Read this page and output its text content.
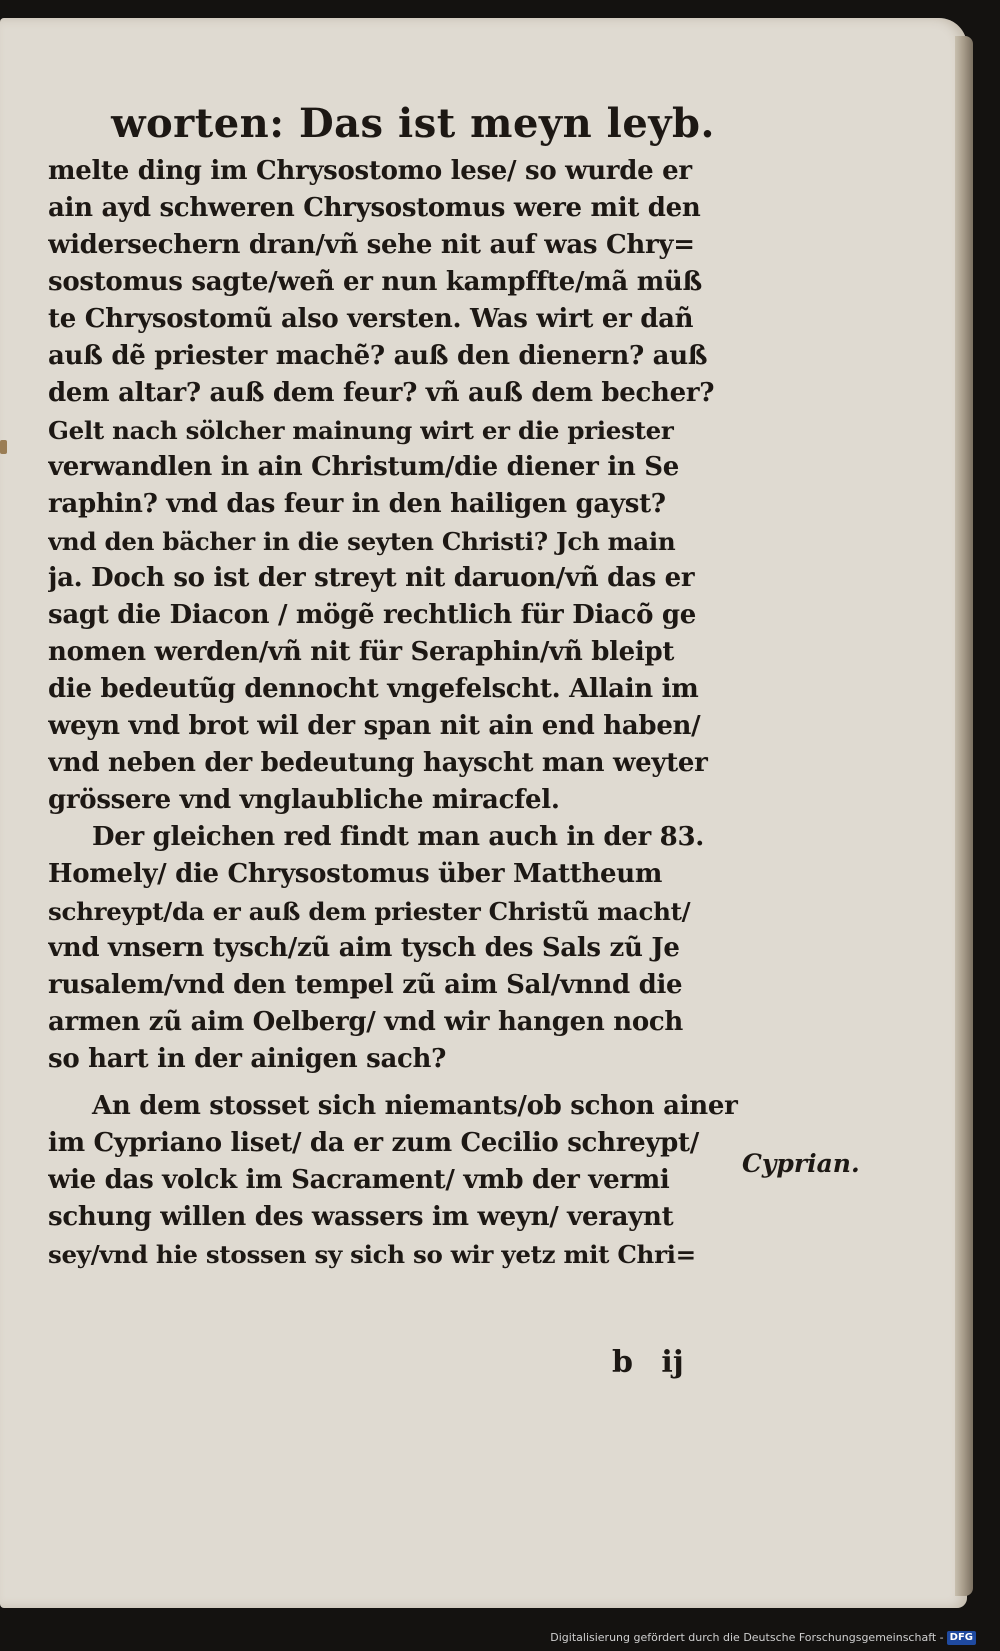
worten: Das ist meyn leyb.
melte ding im Chrysostomo lese/ so wurde er
ain ayd schweren Chrysostomus were mit den
widersechern dran/vñ sehe nit auf was Chry=
sostomus sagte/weñ er nun kampffte/mã müß
te Chrysostomũ also versten. Was wirt er dañ
auß dẽ priester machẽ? auß den dienern? auß
dem altar? auß dem feur? vñ auß dem becher?
Gelt nach sölcher mainung wirt er die priester
verwandlen in ain Christum/die diener in Se
raphin? vnd das feur in den hailigen gayst?
vnd den bächer in die seyten Christi? Jch main
ja. Doch so ist der streyt nit daruon/vñ das er
sagt die Diacon / mögẽ rechtlich für Diacõ ge
nomen werden/vñ nit für Seraphin/vñ bleipt
die bedeutũg dennocht vngefelscht. Allain im
weyn vnd brot wil der span nit ain end haben/
vnd neben der bedeutung hayscht man weyter
grössere vnd vnglaubliche miracfel.
Der gleichen red findt man auch in der 83.
Homely/ die Chrysostomus über Mattheum
schreypt/da er auß dem priester Christũ macht/
vnd vnsern tysch/zũ aim tysch des Sals zũ Je
rusalem/vnd den tempel zũ aim Sal/vnnd die
armen zũ aim Oelberg/ vnd wir hangen noch
so hart in der ainigen sach?
An dem stosset sich niemants/ob schon ainer
im Cypriano liset/ da er zum Cecilio schreypt/
wie das volck im Sacrament/ vmb der vermi
schung willen des wassers im weyn/ veraynt
sey/vnd hie stossen sy sich so wir yetz mit Chri=
Cyprian.
b ij
Digitalisierung gefördert durch die Deutsche Forschungsgemeinschaft - DFG
